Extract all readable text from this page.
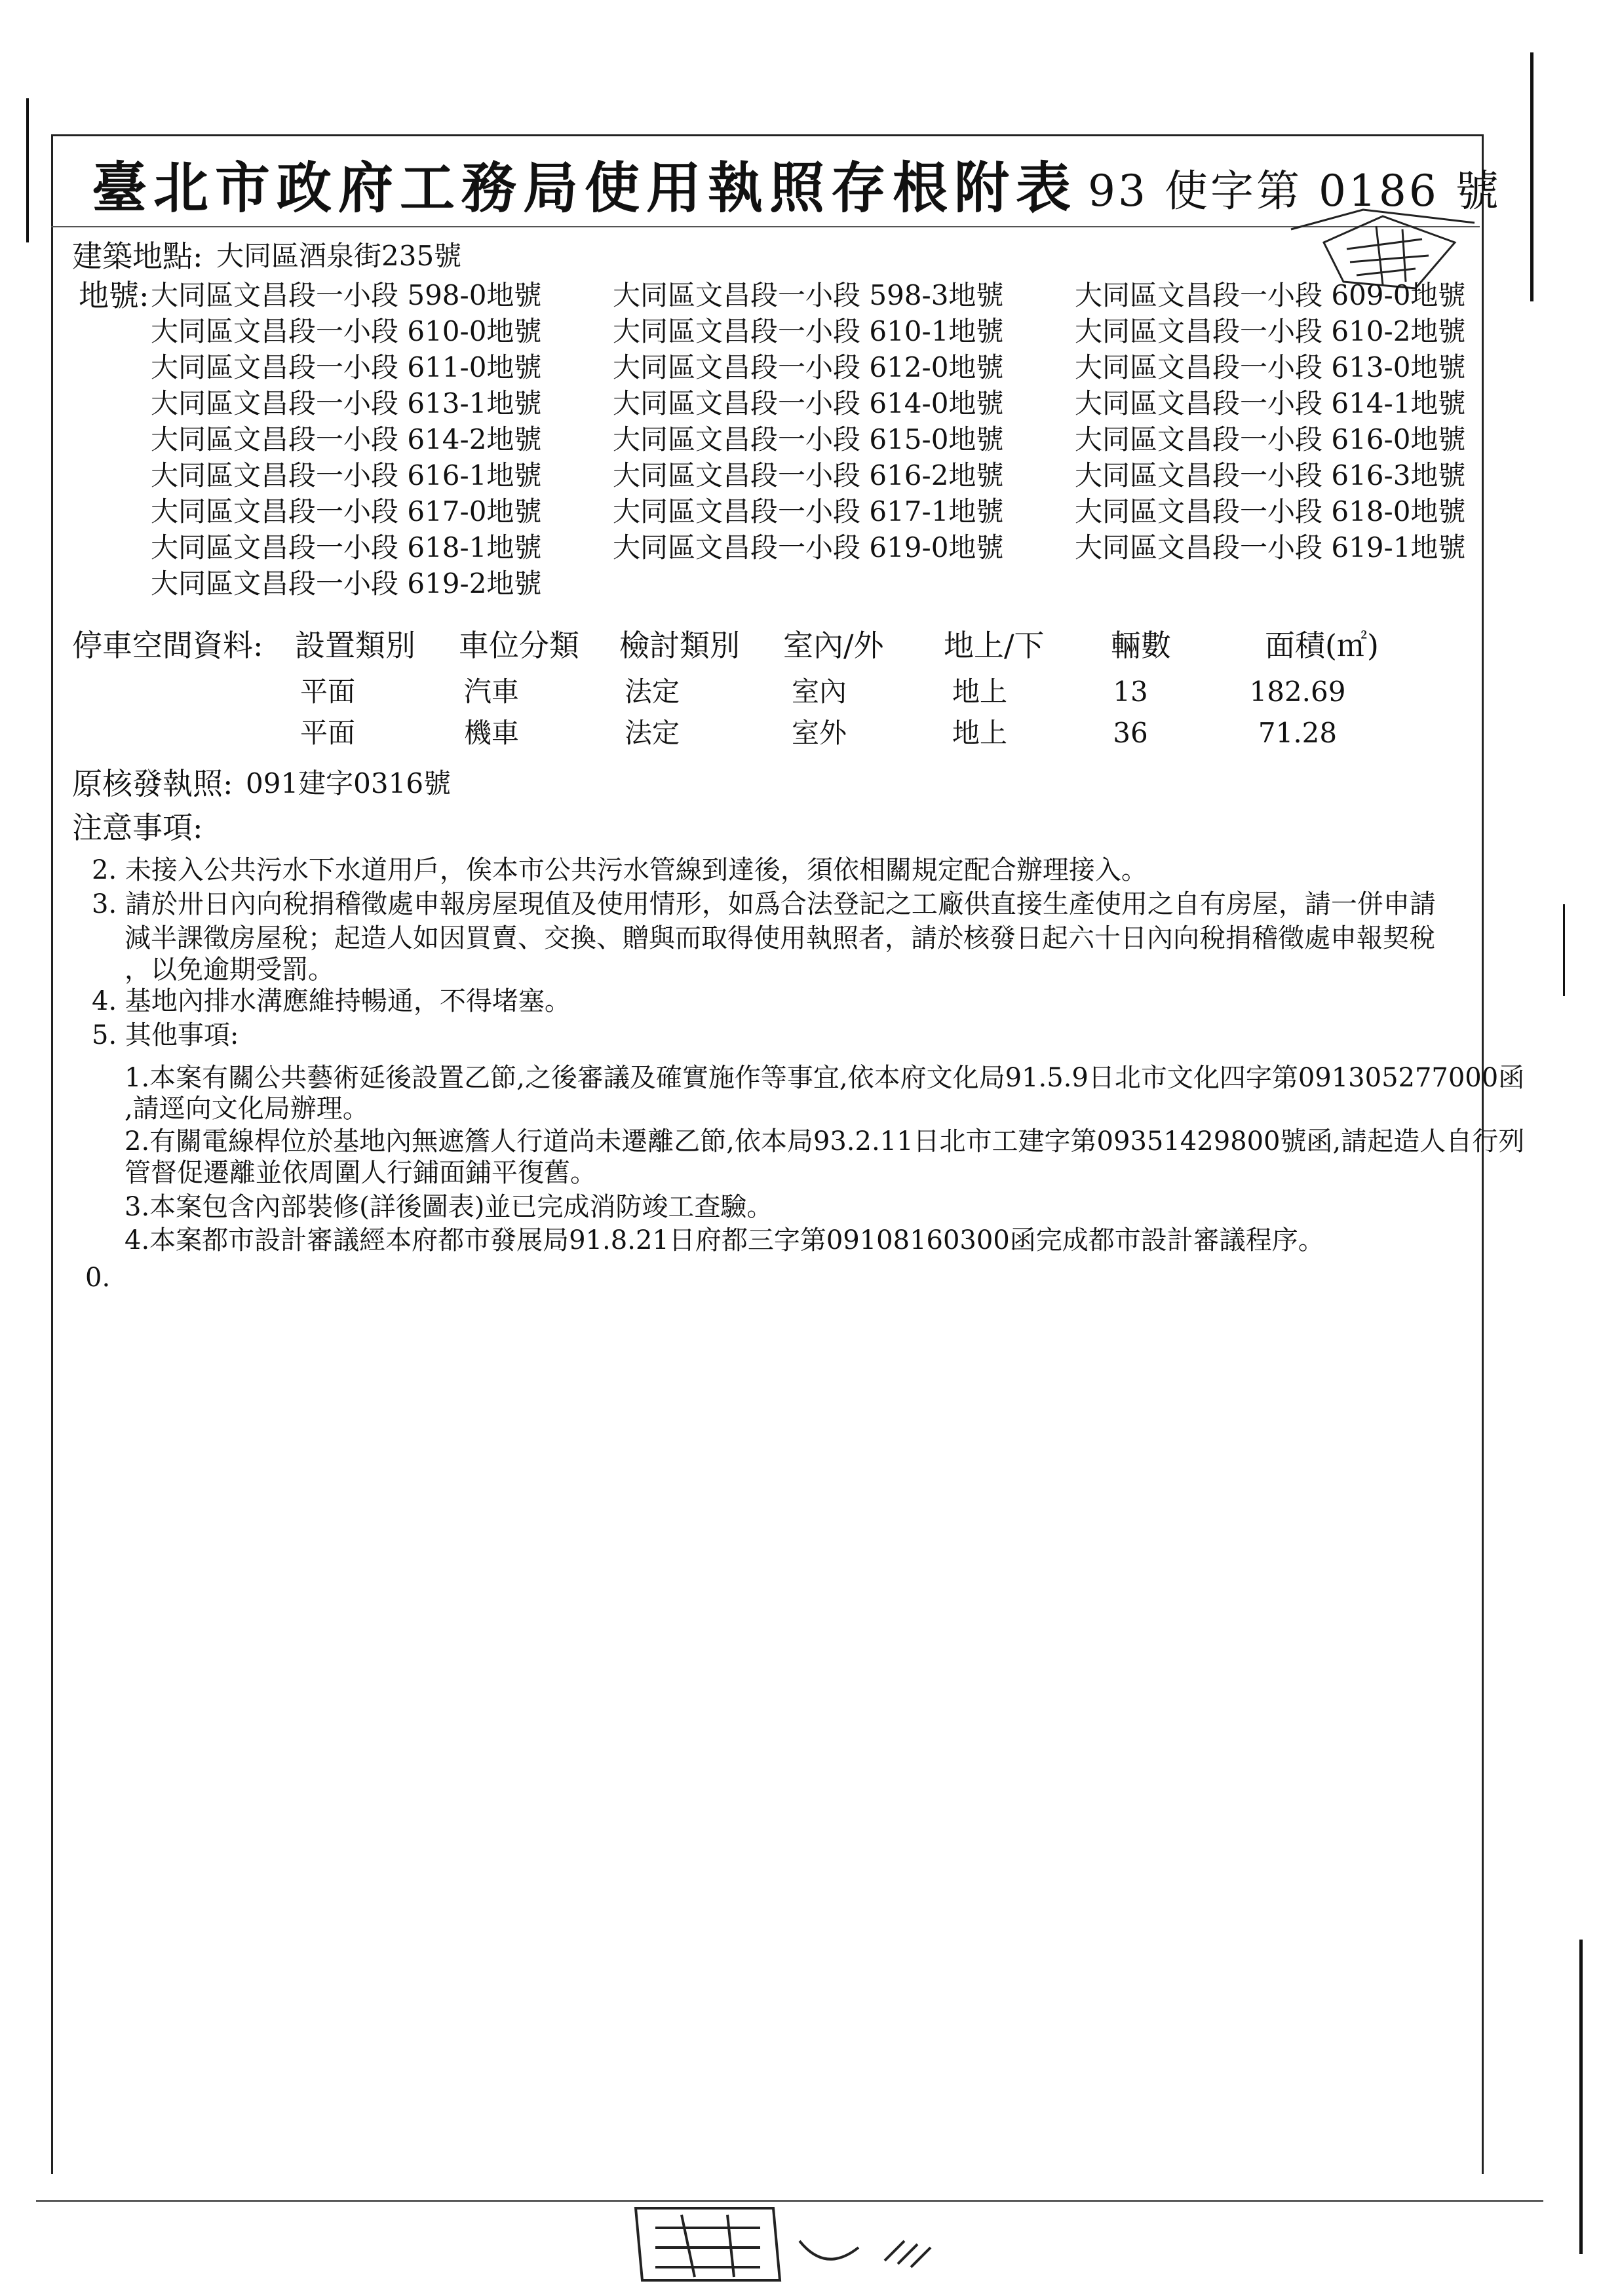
臺北市政府工務局使用執照存根附表 93 使字第 0186 號
建築地點: 大同區酒泉街235號
地號:
停車空間資料:
原核發執照: 091建字0316號
注意事項:
大同區文昌段一小段 598-0地號	大同區文昌段一小段 598-3地號	大同區文昌段一小段 609-0地號
大同區文昌段一小段 610-0地號	大同區文昌段一小段 610-1地號	大同區文昌段一小段 610-2地號
大同區文昌段一小段 611-0地號	大同區文昌段一小段 612-0地號	大同區文昌段一小段 613-0地號
大同區文昌段一小段 613-1地號	大同區文昌段一小段 614-0地號	大同區文昌段一小段 614-1地號
大同區文昌段一小段 614-2地號	大同區文昌段一小段 615-0地號	大同區文昌段一小段 616-0地號
大同區文昌段一小段 616-1地號	大同區文昌段一小段 616-2地號	大同區文昌段一小段 616-3地號
大同區文昌段一小段 617-0地號	大同區文昌段一小段 617-1地號	大同區文昌段一小段 618-0地號
大同區文昌段一小段 618-1地號	大同區文昌段一小段 619-0地號	大同區文昌段一小段 619-1地號
大同區文昌段一小段 619-2地號
設置類別 車位分類 檢討類別 室內/外 地上/下 輛數	面積(㎡)
平面	汽車	法定	室內	地上	13	182.69
平面	機車	法定	室外	地上	36	71.28
2. 未接入公共污水下水道用戶，俟本市公共污水管線到達後，須依相關規定配合辦理接入。
3. 請於卅日內向稅捐稽徵處申報房屋現值及使用情形，如爲合法登記之工廠供直接生產使用之自有房屋，請一併申請
減半課徵房屋稅；起造人如因買賣、交換、贈與而取得使用執照者，請於核發日起六十日內向稅捐稽徵處申報契稅
，以免逾期受罰。
4. 基地內排水溝應維持暢通，不得堵塞。
5. 其他事項:
1.本案有關公共藝術延後設置乙節,之後審議及確實施作等事宜,依本府文化局91.5.9日北市文化四字第091305277000函
,請逕向文化局辦理。
2.有關電線桿位於基地內無遮簷人行道尚未遷離乙節,依本局93.2.11日北市工建字第09351429800號函,請起造人自行列
管督促遷離並依周圍人行鋪面鋪平復舊。
3.本案包含內部裝修(詳後圖表)並已完成消防竣工查驗。
4.本案都市設計審議經本府都市發展局91.8.21日府都三字第09108160300函完成都市設計審議程序。
0.
